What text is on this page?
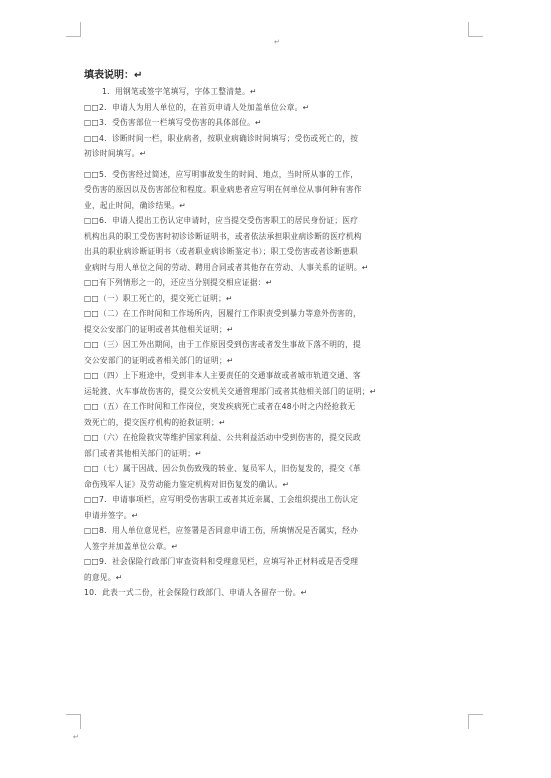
↵
↵
填表说明：↵
1．用钢笔或签字笔填写，字体工整清楚。↵
□□2．申请人为用人单位的，在首页申请人处加盖单位公章。↵
□□3．受伤害部位一栏填写受伤害的具体部位。↵
□□4．诊断时间一栏，职业病者，按职业病确诊时间填写；受伤或死亡的，按
初诊时间填写。↵
□□5．受伤害经过简述，应写明事故发生的时间、地点，当时所从事的工作，
受伤害的原因以及伤害部位和程度。职业病患者应写明在何单位从事何种有害作
业，起止时间，确诊结果。↵
□□6．申请人提出工伤认定申请时，应当提交受伤害职工的居民身份证；医疗
机构出具的职工受伤害时初诊诊断证明书，或者依法承担职业病诊断的医疗机构
出具的职业病诊断证明书（或者职业病诊断鉴定书）；职工受伤害或者诊断患职
业病时与用人单位之间的劳动、聘用合同或者其他存在劳动、人事关系的证明。↵
□□有下列情形之一的，还应当分别提交相应证据：↵
□□（一）职工死亡的，提交死亡证明；↵
□□（二）在工作时间和工作场所内，因履行工作职责受到暴力等意外伤害的，
提交公安部门的证明或者其他相关证明；↵
□□（三）因工外出期间，由于工作原因受到伤害或者发生事故下落不明的，提
交公安部门的证明或者相关部门的证明；↵
□□（四）上下班途中，受到非本人主要责任的交通事故或者城市轨道交通、客
运轮渡、火车事故伤害的，提交公安机关交通管理部门或者其他相关部门的证明；↵
□□（五）在工作时间和工作岗位，突发疾病死亡或者在48小时之内经抢救无
效死亡的，提交医疗机构的抢救证明；↵
□□（六）在抢险救灾等维护国家利益、公共利益活动中受到伤害的，提交民政
部门或者其他相关部门的证明；↵
□□（七）属于因战、因公负伤致残的转业、复员军人，旧伤复发的，提交《革
命伤残军人证》及劳动能力鉴定机构对旧伤复发的确认。↵
□□7．申请事项栏，应写明受伤害职工或者其近亲属、工会组织提出工伤认定
申请并签字。↵
□□8．用人单位意见栏，应签署是否同意申请工伤，所填情况是否属实，经办
人签字并加盖单位公章。↵
□□9．社会保险行政部门审查资料和受理意见栏，应填写补正材料或是否受理
的意见。↵
10．此表一式二份，社会保险行政部门、申请人各留存一份。↵
